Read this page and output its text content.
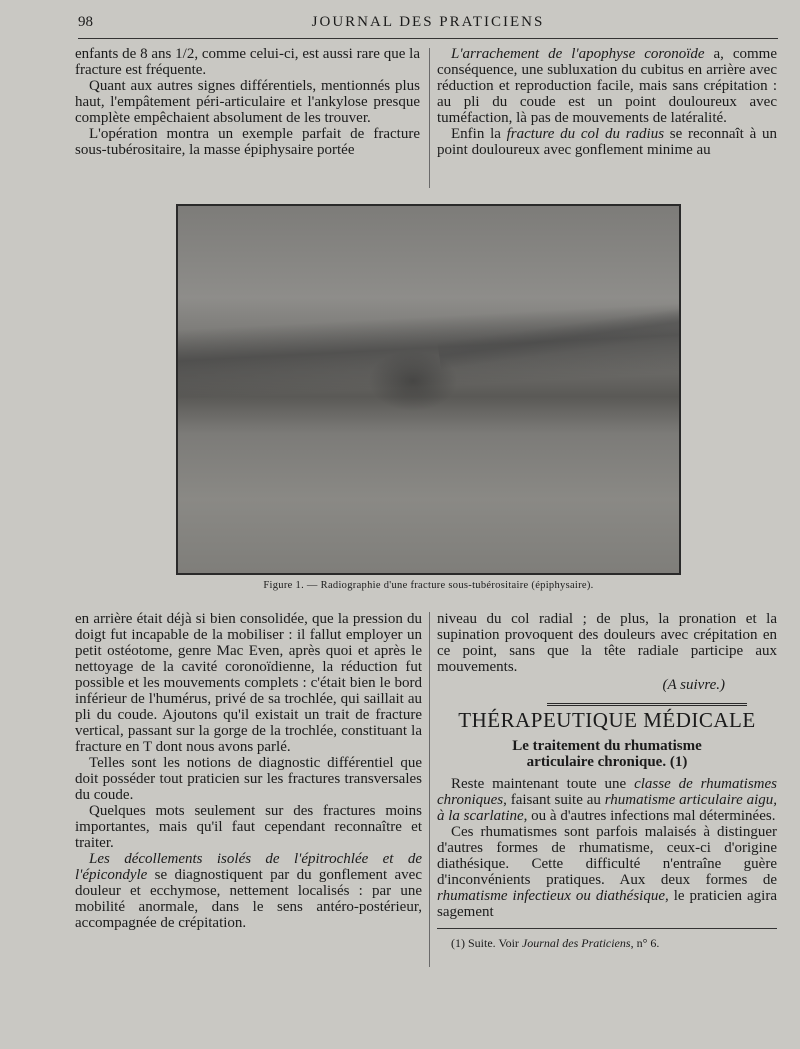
98	JOURNAL DES PRATICIENS

enfants de 8 ans 1/2, comme celui-ci, est aussi rare que la fracture est fréquente.

Quant aux autres signes différentiels, mentionnés plus haut, l'empâtement péri-articulaire et l'ankylose presque complète empêchaient absolument de les trouver.

L'opération montra un exemple parfait de fracture sous-tubérositaire, la masse épiphysaire portée

L'arrachement de l'apophyse coronoïde a, comme conséquence, une subluxation du cubitus en arrière avec réduction et reproduction facile, mais sans crépitation : au pli du coude est un point douloureux avec tuméfaction, là pas de mouvements de latéralité.

Enfin la fracture du col du radius se reconnaît à un point douloureux avec gonflement minime au

Figure 1. — Radiographie d'une fracture sous-tubérositaire (épiphysaire).

en arrière était déjà si bien consolidée, que la pression du doigt fut incapable de la mobiliser : il fallut employer un petit ostéotome, genre Mac Even, après quoi et après le nettoyage de la cavité coronoïdienne, la réduction fut possible et les mouvements complets : c'était bien le bord inférieur de l'humérus, privé de sa trochlée, qui saillait au pli du coude. Ajoutons qu'il existait un trait de fracture vertical, passant sur la gorge de la trochlée, constituant la fracture en T dont nous avons parlé.

Telles sont les notions de diagnostic différentiel que doit posséder tout praticien sur les fractures transversales du coude.

Quelques mots seulement sur des fractures moins importantes, mais qu'il faut cependant reconnaître et traiter.

Les décollements isolés de l'épitrochlée et de l'épicondyle se diagnostiquent par du gonflement avec douleur et ecchymose, nettement localisés : par une mobilité anormale, dans le sens antéro-postérieur, accompagnée de crépitation.

niveau du col radial ; de plus, la pronation et la supination provoquent des douleurs avec crépitation en ce point, sans que la tête radiale participe aux mouvements.

(A suivre.)

THÉRAPEUTIQUE MÉDICALE

Le traitement du rhumatisme

articulaire chronique. (1)

Reste maintenant toute une classe de rhumatismes chroniques, faisant suite au rhumatisme articulaire aigu, à la scarlatine, ou à d'autres infections mal déterminées.

Ces rhumatismes sont parfois malaisés à distinguer d'autres formes de rhumatisme, ceux-ci d'origine diathésique. Cette difficulté n'entraîne guère d'inconvénients pratiques. Aux deux formes de rhumatisme infectieux ou diathésique, le praticien agira sagement

(1) Suite. Voir Journal des Praticiens, n° 6.
